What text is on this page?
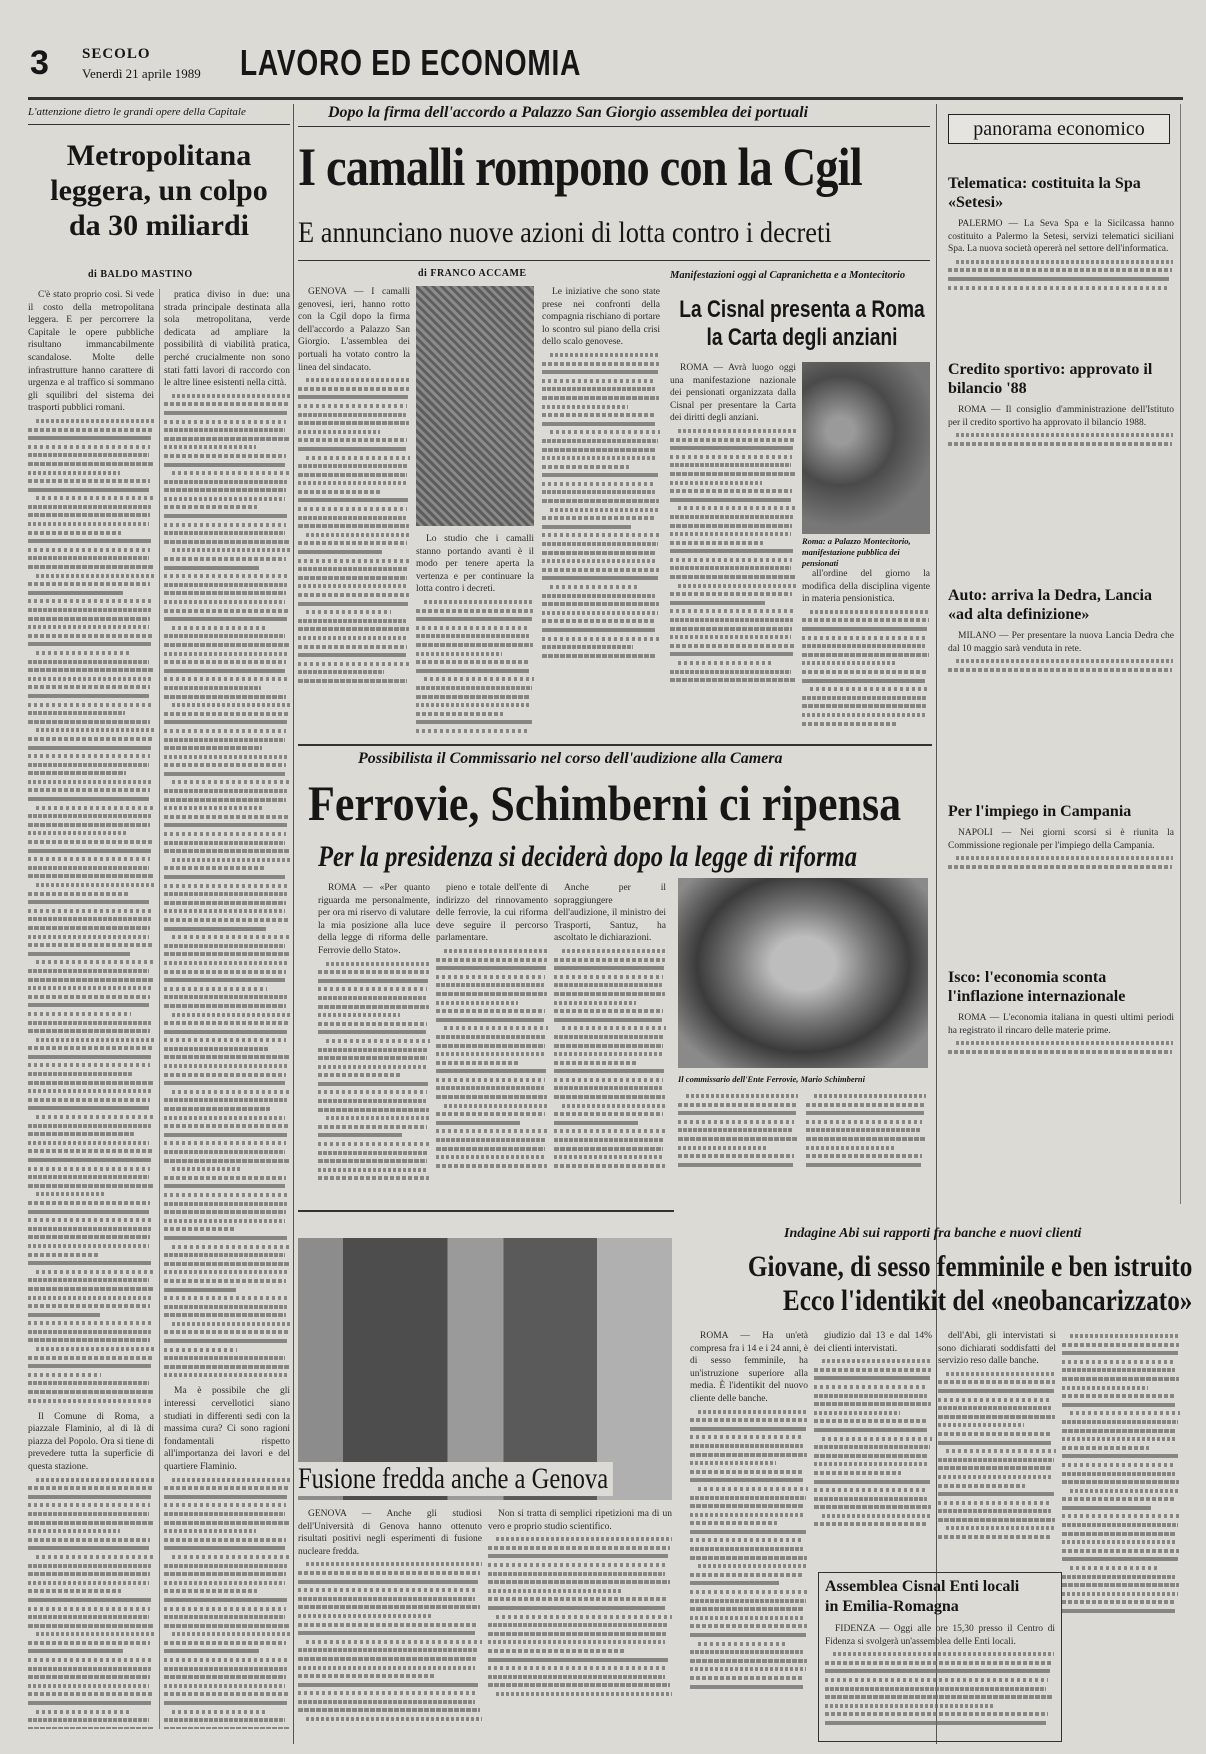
3 SECOLO
Venerdì 21 aprile 1989 LAVORO ED ECONOMIA
L'attenzione dietro le grandi opere della Capitale
Metropolitana
leggera, un colpo
da 30 miliardi
di BALDO MASTINO

C'è stato proprio così. Si vede il costo della metropolitana leggera. E per percorrere la Capitale le opere pubbliche risultano immancabilmente scandalose. Molte delle infrastrutture hanno carattere di urgenza e al traffico si sommano gli squilibri del sistema dei trasporti pubblici romani.

Il Comune di Roma, a piazzale Flaminio, al di là di piazza del Popolo. Ora si tiene di prevedere tutta la superficie di questa stazione.

pratica diviso in due: una strada principale destinata alla sola metropolitana, verde dedicata ad ampliare la possibilità di viabilità pratica, perché crucialmente non sono stati fatti lavori di raccordo con le altre linee esistenti nella città.

Ma è possibile che gli interessi cervellotici siano studiati in differenti sedi con la massima cura? Ci sono ragioni fondamentali rispetto all'importanza dei lavori e del quartiere Flaminio.

Dopo la firma dell'accordo a Palazzo San Giorgio assemblea dei portuali
I camalli rompono con la Cgil
E annunciano nuove azioni di lotta contro i decreti
di FRANCO ACCAME

GENOVA — I camalli genovesi, ieri, hanno rotto con la Cgil dopo la firma dell'accordo a Palazzo San Giorgio. L'assemblea dei portuali ha votato contro la linea del sindacato.

Lo studio che i camalli stanno portando avanti è il modo per tenere aperta la vertenza e per continuare la lotta contro i decreti.

Le iniziative che sono state prese nei confronti della compagnia rischiano di portare lo scontro sul piano della crisi dello scalo genovese.

Manifestazioni oggi al Capranichetta e a Montecitorio
La Cisnal presenta a Roma
la Carta degli anziani

ROMA — Avrà luogo oggi una manifestazione nazionale dei pensionati organizzata dalla Cisnal per presentare la Carta dei diritti degli anziani.

Roma: a Palazzo Montecitorio, manifestazione pubblica dei pensionati

all'ordine del giorno la modifica della disciplina vigente in materia pensionistica.

Possibilista il Commissario nel corso dell'audizione alla Camera
Ferrovie, Schimberni ci ripensa
Per la presidenza si deciderà dopo la legge di riforma

ROMA — «Per quanto riguarda me personalmente, per ora mi riservo di valutare la mia posizione alla luce della legge di riforma delle Ferrovie dello Stato».

pieno e totale dell'ente di indirizzo del rinnovamento delle ferrovie, la cui riforma deve seguire il percorso parlamentare.

Anche per il sopraggiungere dell'audizione, il ministro dei Trasporti, Santuz, ha ascoltato le dichiarazioni.

Il commissario dell'Ente Ferrovie, Mario Schimberni
Fusione fredda anche a Genova

GENOVA — Anche gli studiosi dell'Università di Genova hanno ottenuto risultati positivi negli esperimenti di fusione nucleare fredda.

Non si tratta di semplici ripetizioni ma di un vero e proprio studio scientifico.

Indagine Abi sui rapporti fra banche e nuovi clienti
Giovane, di sesso femminile e ben istruito
Ecco l'identikit del «neobancarizzato»

ROMA — Ha un'età compresa fra i 14 e i 24 anni, è di sesso femminile, ha un'istruzione superiore alla media. È l'identikit del nuovo cliente delle banche.

giudizio dal 13 e dal 14% dei clienti intervistati.

dell'Abi, gli intervistati si sono dichiarati soddisfatti del servizio reso dalle banche.

Assemblea Cisnal Enti locali
in Emilia-Romagna

FIDENZA — Oggi alle ore 15,30 presso il Centro di Fidenza si svolgerà un'assemblea delle Enti locali.

panorama economico
Telematica: costituita la Spa «Setesi»

PALERMO — La Seva Spa e la Sicilcassa hanno costituito a Palermo la Setesi, servizi telematici siciliani Spa. La nuova società opererà nel settore dell'informatica.

Credito sportivo: approvato il bilancio '88

ROMA — Il consiglio d'amministrazione dell'Istituto per il credito sportivo ha approvato il bilancio 1988.

Auto: arriva la Dedra, Lancia «ad alta definizione»

MILANO — Per presentare la nuova Lancia Dedra che dal 10 maggio sarà venduta in rete.

Per l'impiego in Campania

NAPOLI — Nei giorni scorsi si è riunita la Commissione regionale per l'impiego della Campania.

Isco: l'economia sconta l'inflazione internazionale

ROMA — L'economia italiana in questi ultimi periodi ha registrato il rincaro delle materie prime.
